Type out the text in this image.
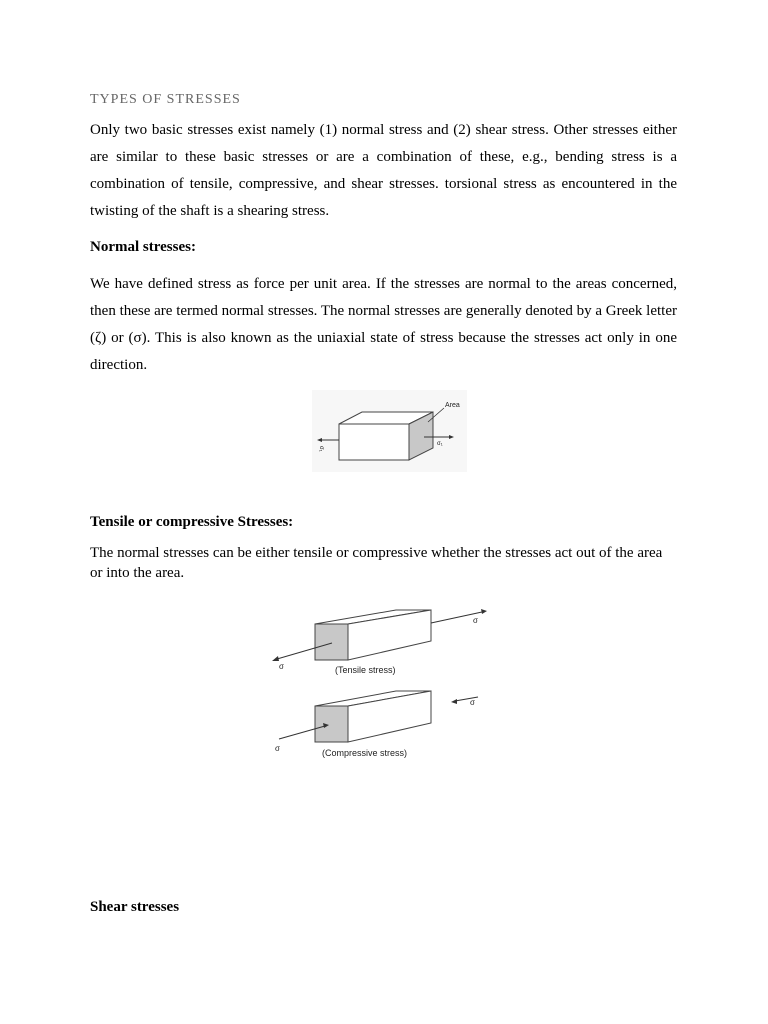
TYPES OF STRESSES

Only two basic stresses exist namely (1) normal stress and (2) shear stress. Other stresses either are similar to these basic stresses or are a combination of these, e.g., bending stress is a combination of tensile, compressive, and shear stresses. torsional stress as encountered in the twisting of the shaft is a shearing stress.

Normal stresses:

We have defined stress as force per unit area. If the stresses are normal to the areas concerned, then these are termed normal stresses. The normal stresses are generally denoted by a Greek letter (ζ) or (σ). This is also known as the uniaxial state of stress because the stresses act only in one direction.

Area
σ₁
σ₁
Tensile or compressive Stresses:

The normal stresses can be either tensile or compressive whether the stresses act out of the area or into the area.

σ
σ
(Tensile stress)
σ
σ
(Compressive stress)
Shear stresses
